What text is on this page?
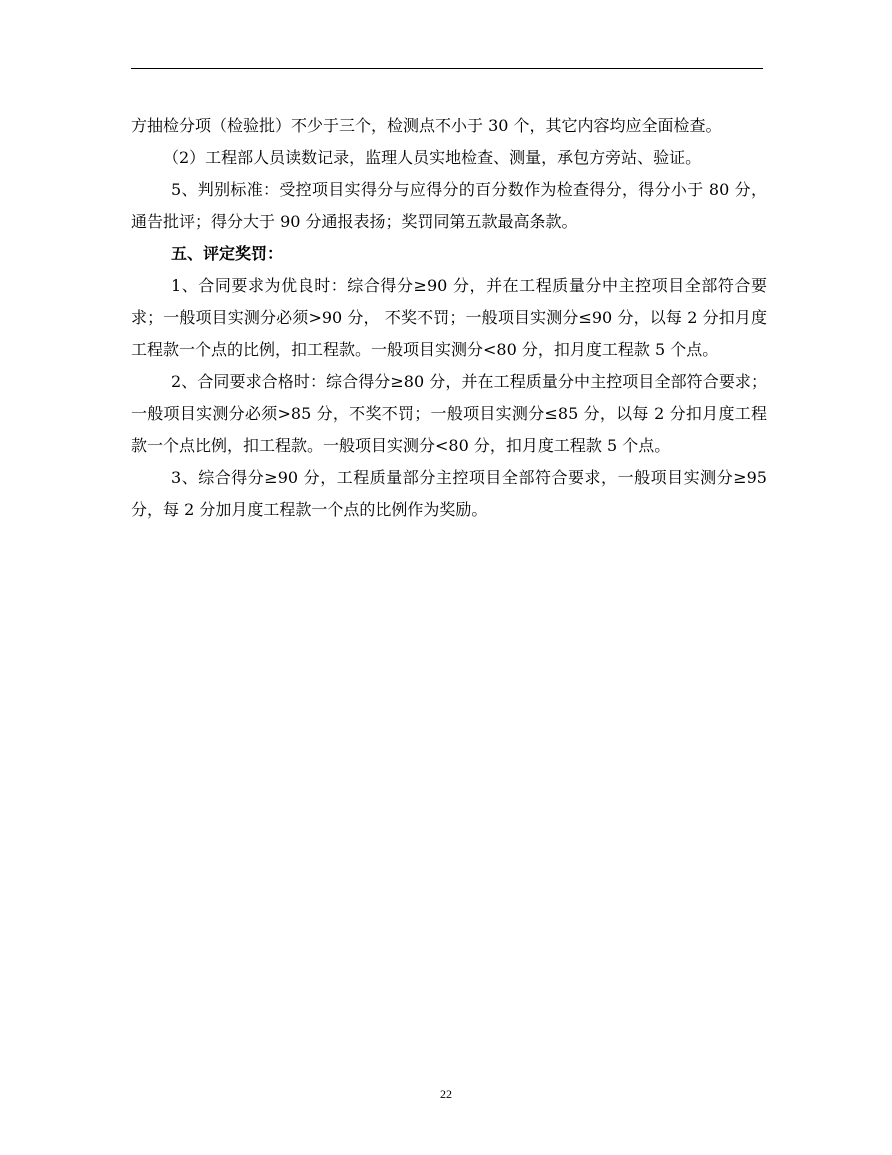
方抽检分项（检验批）不少于三个，检测点不小于 30 个，其它内容均应全面检查。

（2）工程部人员读数记录，监理人员实地检查、测量，承包方旁站、验证。

5、判别标准：受控项目实得分与应得分的百分数作为检查得分，得分小于 80 分，通告批评；得分大于 90 分通报表扬；奖罚同第五款最高条款。

五、评定奖罚：

1、合同要求为优良时：综合得分≥90 分，并在工程质量分中主控项目全部符合要求；一般项目实测分必须>90 分， 不奖不罚；一般项目实测分≤90 分，以每 2 分扣月度工程款一个点的比例，扣工程款。一般项目实测分<80 分，扣月度工程款 5 个点。

2、合同要求合格时：综合得分≥80 分，并在工程质量分中主控项目全部符合要求；一般项目实测分必须>85 分，不奖不罚；一般项目实测分≤85 分，以每 2 分扣月度工程款一个点比例，扣工程款。一般项目实测分<80 分，扣月度工程款 5 个点。

3、综合得分≥90 分，工程质量部分主控项目全部符合要求，一般项目实测分≥95 分，每 2 分加月度工程款一个点的比例作为奖励。

22
